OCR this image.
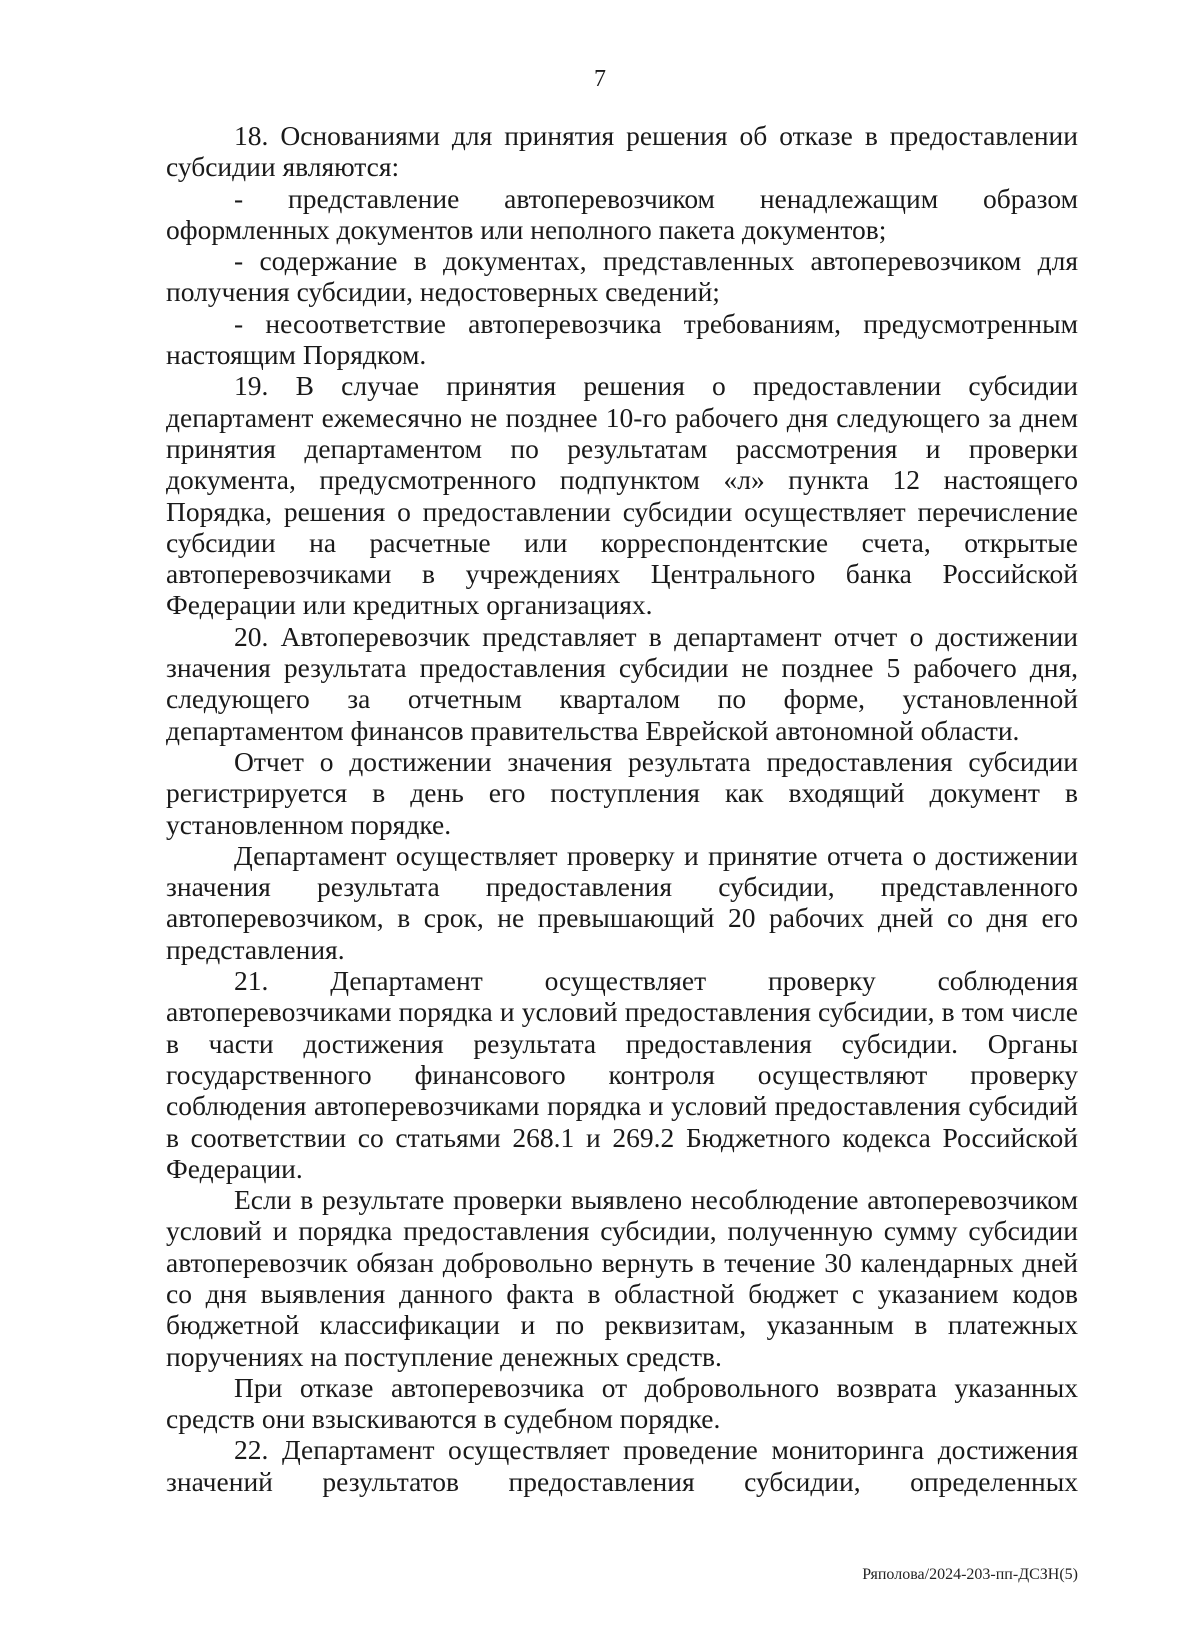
7

18. Основаниями для принятия решения об отказе в предоставлении субсидии являются:

- представление автоперевозчиком ненадлежащим образом оформленных документов или неполного пакета документов;

- содержание в документах, представленных автоперевозчиком для получения субсидии, недостоверных сведений;

- несоответствие автоперевозчика требованиям, предусмотренным настоящим Порядком.

19. В случае принятия решения о предоставлении субсидии департамент ежемесячно не позднее 10-го рабочего дня следующего за днем принятия департаментом по результатам рассмотрения и проверки документа, предусмотренного подпунктом «л» пункта 12 настоящего Порядка, решения о предоставлении субсидии осуществляет перечисление субсидии на расчетные или корреспондентские счета, открытые автоперевозчиками в учреждениях Центрального банка Российской Федерации или кредитных организациях.

20. Автоперевозчик представляет в департамент отчет о достижении значения результата предоставления субсидии не позднее 5 рабочего дня, следующего за отчетным кварталом по форме, установленной департаментом финансов правительства Еврейской автономной области.

Отчет о достижении значения результата предоставления субсидии регистрируется в день его поступления как входящий документ в установленном порядке.

Департамент осуществляет проверку и принятие отчета о достижении значения результата предоставления субсидии, представленного автоперевозчиком, в срок, не превышающий 20 рабочих дней со дня его представления.

21. Департамент осуществляет проверку соблюдения автоперевозчиками порядка и условий предоставления субсидии, в том числе в части достижения результата предоставления субсидии. Органы государственного финансового контроля осуществляют проверку соблюдения автоперевозчиками порядка и условий предоставления субсидий в соответствии со статьями 268.1 и 269.2 Бюджетного кодекса Российской Федерации.

Если в результате проверки выявлено несоблюдение автоперевозчиком условий и порядка предоставления субсидии, полученную сумму субсидии автоперевозчик обязан добровольно вернуть в течение 30 календарных дней со дня выявления данного факта в областной бюджет с указанием кодов бюджетной классификации и по реквизитам, указанным в платежных поручениях на поступление денежных средств.

При отказе автоперевозчика от добровольного возврата указанных средств они взыскиваются в судебном порядке.

22. Департамент осуществляет проведение мониторинга достижения значений результатов предоставления субсидии, определенных

Ряполова/2024-203-пп-ДСЗН(5)
